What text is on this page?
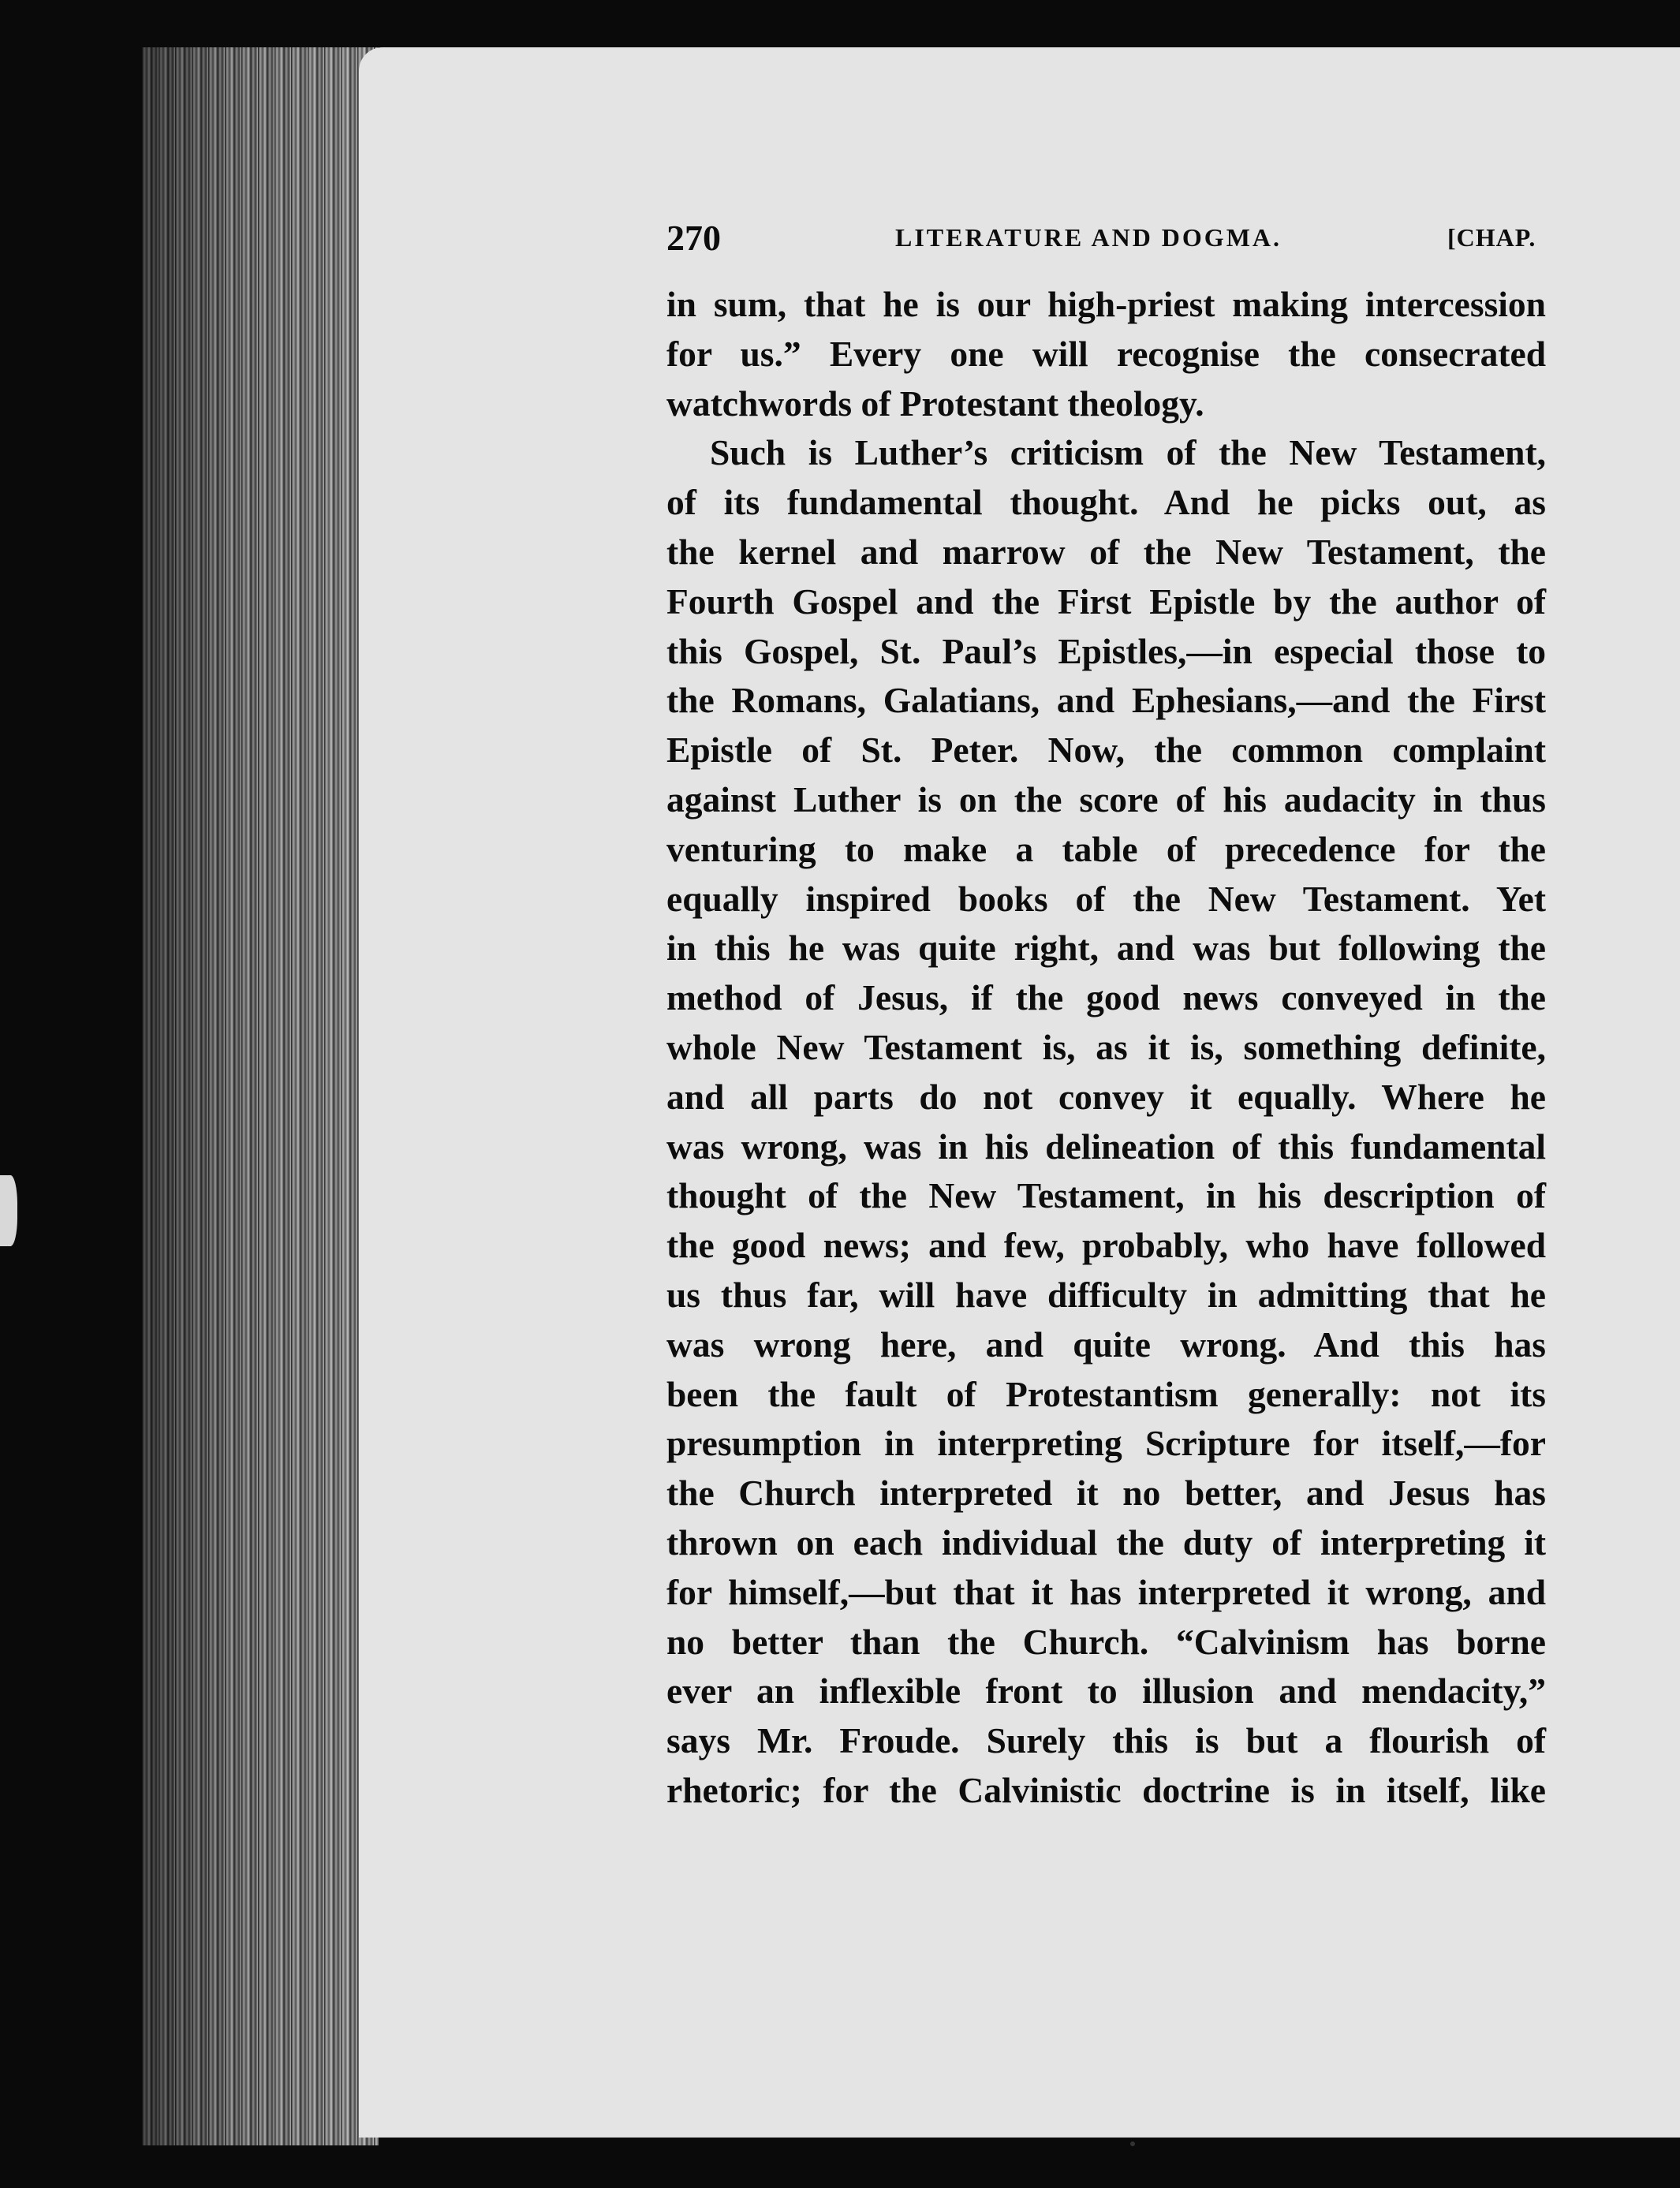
270	LITERATURE AND DOGMA.	[CHAP.
in sum, that he is our high-priest making intercession
for us.” Every one will recognise the consecrated
watchwords of Protestant theology.
Such is Luther’s criticism of the New Testament,
of its fundamental thought. And he picks out, as
the kernel and marrow of the New Testament, the
Fourth Gospel and the First Epistle by the author of
this Gospel, St. Paul’s Epistles,—in especial those to
the Romans, Galatians, and Ephesians,—and the First
Epistle of St. Peter. Now, the common complaint
against Luther is on the score of his audacity in thus
venturing to make a table of precedence for the
equally inspired books of the New Testament. Yet
in this he was quite right, and was but following the
method of Jesus, if the good news conveyed in the
whole New Testament is, as it is, something definite,
and all parts do not convey it equally. Where he
was wrong, was in his delineation of this fundamental
thought of the New Testament, in his description of
the good news; and few, probably, who have followed
us thus far, will have difficulty in admitting that he
was wrong here, and quite wrong. And this has
been the fault of Protestantism generally: not its
presumption in interpreting Scripture for itself,—for
the Church interpreted it no better, and Jesus has
thrown on each individual the duty of interpreting it
for himself,—but that it has interpreted it wrong, and
no better than the Church. “Calvinism has borne
ever an inflexible front to illusion and mendacity,”
says Mr. Froude. Surely this is but a flourish of
rhetoric; for the Calvinistic doctrine is in itself, like
